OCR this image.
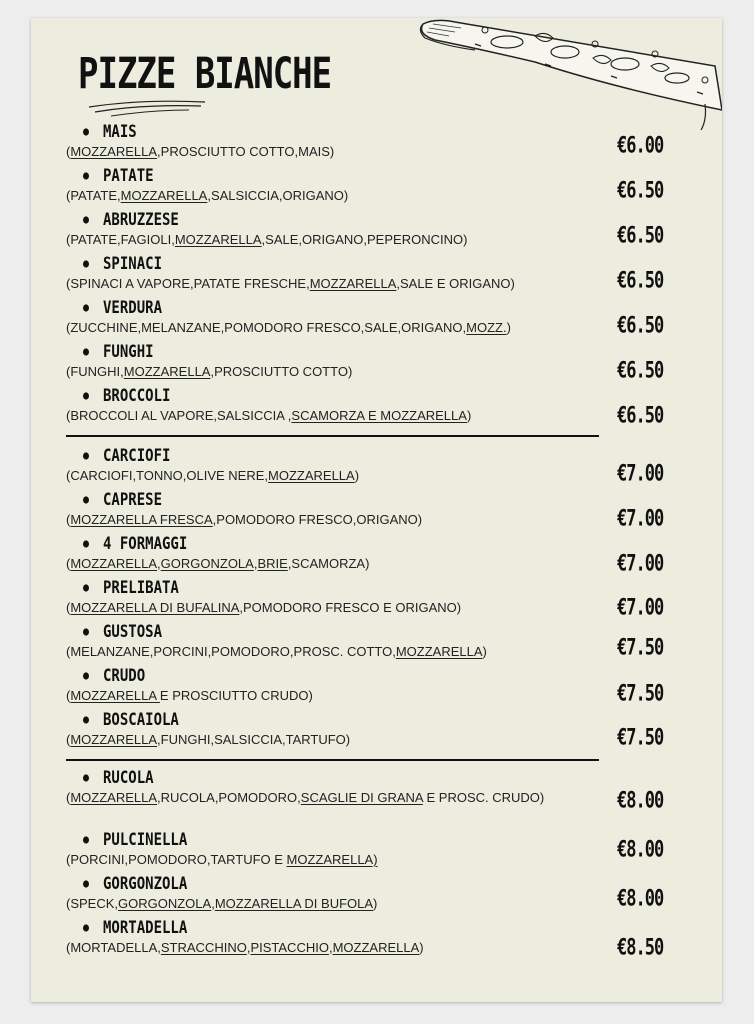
PIZZE BIANCHE
MAIS
(MOZZARELLA,PROSCIUTTO COTTO,MAIS)	€6.00
PATATE
(PATATE,MOZZARELLA,SALSICCIA,ORIGANO)	€6.50
ABRUZZESE
(PATATE,FAGIOLI,MOZZARELLA,SALE,ORIGANO,PEPERONCINO)	€6.50
SPINACI
(SPINACI A VAPORE,PATATE FRESCHE,MOZZARELLA,SALE E ORIGANO)	€6.50
VERDURA
(ZUCCHINE,MELANZANE,POMODORO FRESCO,SALE,ORIGANO,MOZZ.)	€6.50
FUNGHI
(FUNGHI,MOZZARELLA,PROSCIUTTO COTTO)	€6.50
BROCCOLI
(BROCCOLI AL VAPORE,SALSICCIA ,SCAMORZA E MOZZARELLA)	€6.50
CARCIOFI
(CARCIOFI,TONNO,OLIVE NERE,MOZZARELLA)	€7.00
CAPRESE
(MOZZARELLA FRESCA,POMODORO FRESCO,ORIGANO)	€7.00
4 FORMAGGI
(MOZZARELLA,GORGONZOLA,BRIE,SCAMORZA)	€7.00
PRELIBATA
(MOZZARELLA DI BUFALINA,POMODORO FRESCO E ORIGANO)	€7.00
GUSTOSA
(MELANZANE,PORCINI,POMODORO,PROSC. COTTO,MOZZARELLA)	€7.50
CRUDO
(MOZZARELLA E PROSCIUTTO CRUDO)	€7.50
BOSCAIOLA
(MOZZARELLA,FUNGHI,SALSICCIA,TARTUFO)	€7.50
RUCOLA
(MOZZARELLA,RUCOLA,POMODORO,SCAGLIE DI GRANA E PROSC. CRUDO)	€8.00
PULCINELLA
(PORCINI,POMODORO,TARTUFO E MOZZARELLA)	€8.00
GORGONZOLA
(SPECK,GORGONZOLA,MOZZARELLA DI BUFOLA)	€8.00
MORTADELLA
(MORTADELLA,STRACCHINO,PISTACCHIO,MOZZARELLA)	€8.50
